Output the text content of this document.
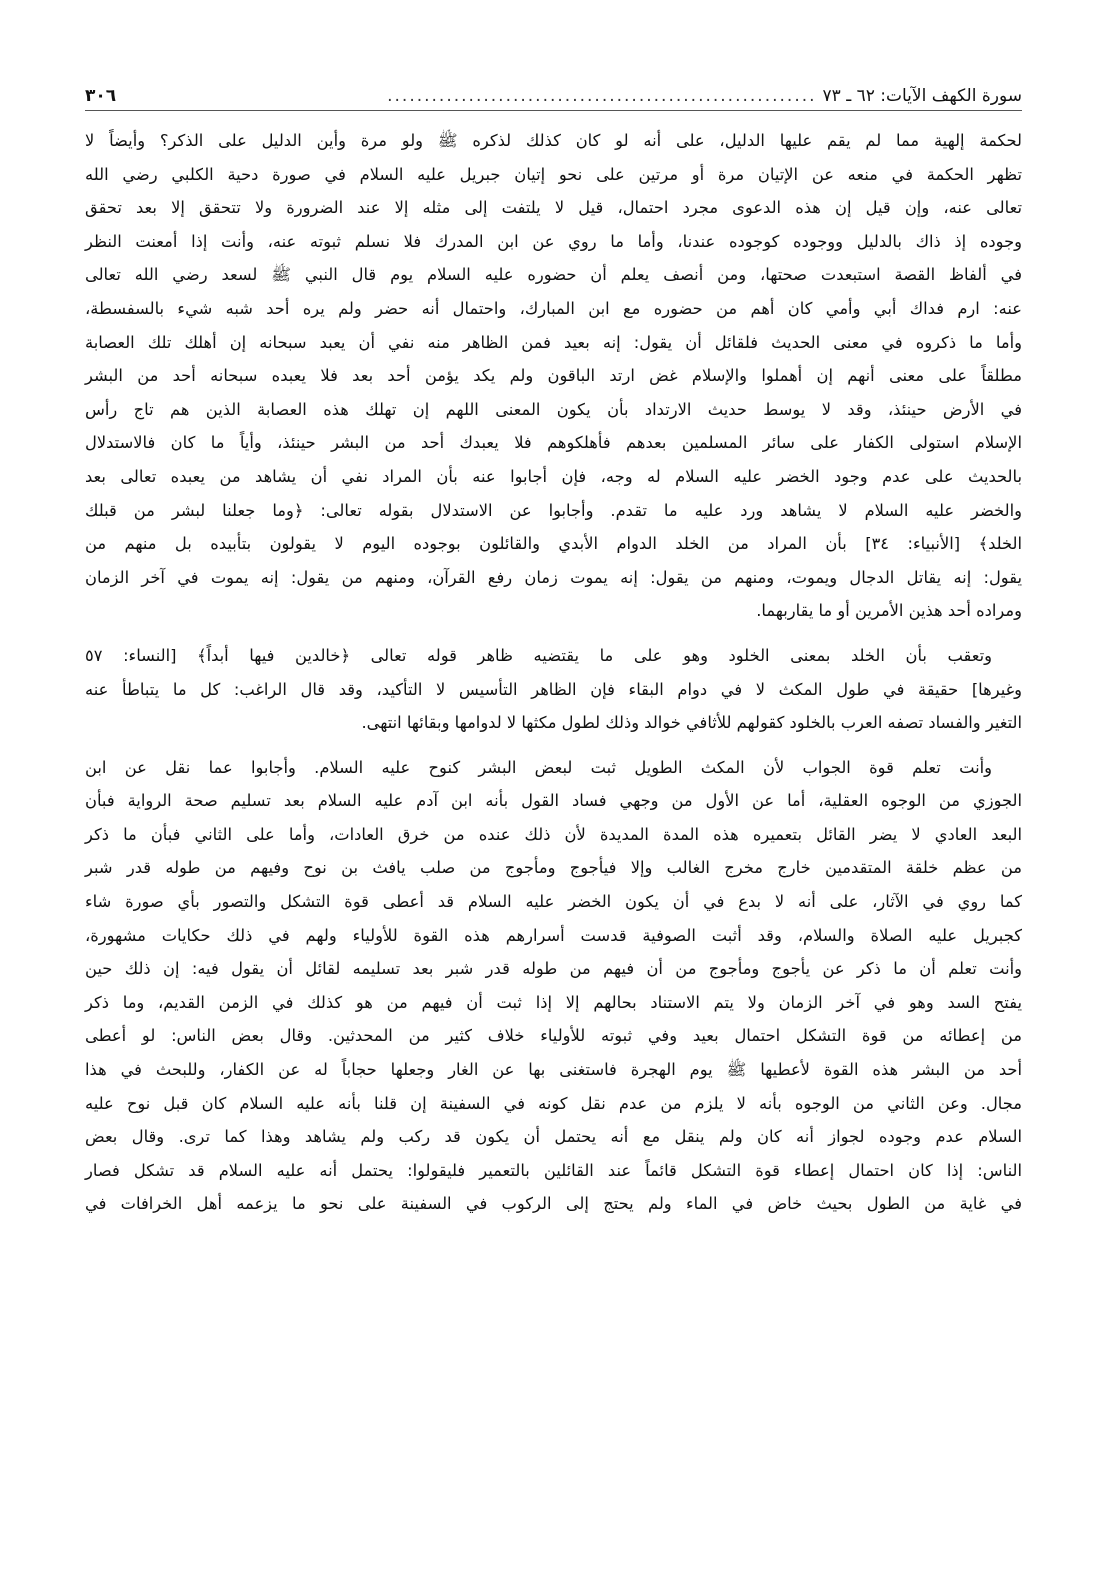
سورة الكهف الآيات: ٦٢ ـ ٧٣
..........................................................
٣٠٦
لحكمة إلهية مما لم يقم عليها الدليل، على أنه لو كان كذلك لذكره ﷺ ولو مرة وأين الدليل على الذكر؟ وأيضاً لا
تظهر الحكمة في منعه عن الإتيان مرة أو مرتين على نحو إتيان جبريل عليه السلام في صورة دحية الكلبي رضي الله
تعالى عنه، وإن قيل إن هذه الدعوى مجرد احتمال، قيل لا يلتفت إلى مثله إلا عند الضرورة ولا تتحقق إلا بعد تحقق
وجوده إذ ذاك بالدليل ووجوده كوجوده عندنا، وأما ما روي عن ابن المدرك فلا نسلم ثبوته عنه، وأنت إذا أمعنت النظر
في ألفاظ القصة استبعدت صحتها، ومن أنصف يعلم أن حضوره عليه السلام يوم قال النبي ﷺ لسعد رضي الله تعالى
عنه: ارم فداك أبي وأمي كان أهم من حضوره مع ابن المبارك، واحتمال أنه حضر ولم يره أحد شبه شيء بالسفسطة،
وأما ما ذكروه في معنى الحديث فلقائل أن يقول: إنه بعيد فمن الظاهر منه نفي أن يعبد سبحانه إن أهلك تلك العصابة
مطلقاً على معنى أنهم إن أهملوا والإسلام غض ارتد الباقون ولم يكد يؤمن أحد بعد فلا يعبده سبحانه أحد من البشر
في الأرض حينئذ، وقد لا يوسط حديث الارتداد بأن يكون المعنى اللهم إن تهلك هذه العصابة الذين هم تاج رأس
الإسلام استولى الكفار على سائر المسلمين بعدهم فأهلكوهم فلا يعبدك أحد من البشر حينئذ، وأياً ما كان فالاستدلال
بالحديث على عدم وجود الخضر عليه السلام له وجه، فإن أجابوا عنه بأن المراد نفي أن يشاهد من يعبده تعالى بعد
والخضر عليه السلام لا يشاهد ورد عليه ما تقدم. وأجابوا عن الاستدلال بقوله تعالى: ﴿وما جعلنا لبشر من قبلك
الخلد﴾ [الأنبياء: ٣٤] بأن المراد من الخلد الدوام الأبدي والقائلون بوجوده اليوم لا يقولون بتأبيده بل منهم من
يقول: إنه يقاتل الدجال ويموت، ومنهم من يقول: إنه يموت زمان رفع القرآن، ومنهم من يقول: إنه يموت في آخر الزمان
ومراده أحد هذين الأمرين أو ما يقاربهما.
وتعقب بأن الخلد بمعنى الخلود وهو على ما يقتضيه ظاهر قوله تعالى ﴿خالدين فيها أبداً﴾ [النساء: ٥٧
وغيرها] حقيقة في طول المكث لا في دوام البقاء فإن الظاهر التأسيس لا التأكيد، وقد قال الراغب: كل ما يتباطأ عنه
التغير والفساد تصفه العرب بالخلود كقولهم للأثافي خوالد وذلك لطول مكثها لا لدوامها وبقائها انتهى.
وأنت تعلم قوة الجواب لأن المكث الطويل ثبت لبعض البشر كنوح عليه السلام. وأجابوا عما نقل عن ابن
الجوزي من الوجوه العقلية، أما عن الأول من وجهي فساد القول بأنه ابن آدم عليه السلام بعد تسليم صحة الرواية فبأن
البعد العادي لا يضر القائل بتعميره هذه المدة المديدة لأن ذلك عنده من خرق العادات، وأما على الثاني فبأن ما ذكر
من عظم خلقة المتقدمين خارج مخرج الغالب وإلا فيأجوج ومأجوج من صلب يافث بن نوح وفيهم من طوله قدر شبر
كما روي في الآثار، على أنه لا بدع في أن يكون الخضر عليه السلام قد أعطى قوة التشكل والتصور بأي صورة شاء
كجبريل عليه الصلاة والسلام، وقد أثبت الصوفية قدست أسرارهم هذه القوة للأولياء ولهم في ذلك حكايات مشهورة،
وأنت تعلم أن ما ذكر عن يأجوج ومأجوج من أن فيهم من طوله قدر شبر بعد تسليمه لقائل أن يقول فيه: إن ذلك حين
يفتح السد وهو في آخر الزمان ولا يتم الاستناد بحالهم إلا إذا ثبت أن فيهم من هو كذلك في الزمن القديم، وما ذكر
من إعطائه من قوة التشكل احتمال بعيد وفي ثبوته للأولياء خلاف كثير من المحدثين. وقال بعض الناس: لو أعطى
أحد من البشر هذه القوة لأعطيها ﷺ يوم الهجرة فاستغنى بها عن الغار وجعلها حجاباً له عن الكفار، وللبحث في هذا
مجال. وعن الثاني من الوجوه بأنه لا يلزم من عدم نقل كونه في السفينة إن قلنا بأنه عليه السلام كان قبل نوح عليه
السلام عدم وجوده لجواز أنه كان ولم ينقل مع أنه يحتمل أن يكون قد ركب ولم يشاهد وهذا كما ترى. وقال بعض
الناس: إذا كان احتمال إعطاء قوة التشكل قائماً عند القائلين بالتعمير فليقولوا: يحتمل أنه عليه السلام قد تشكل فصار
في غاية من الطول بحيث خاض في الماء ولم يحتج إلى الركوب في السفينة على نحو ما يزعمه أهل الخرافات في
